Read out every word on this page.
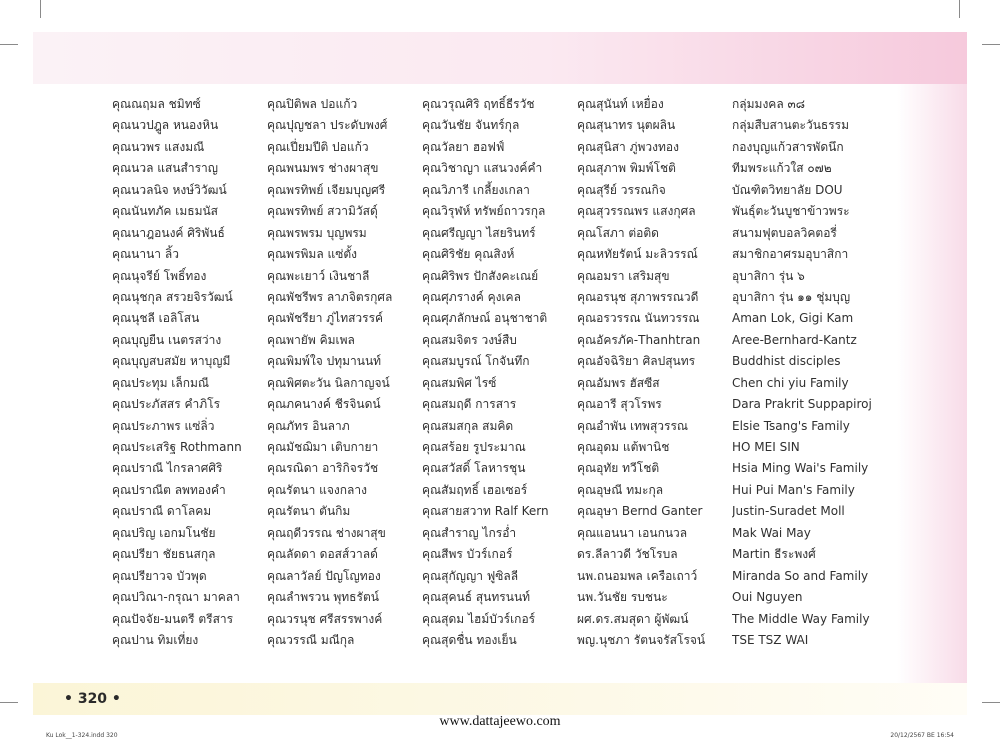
คุณณฤมล ชมิทซ์
คุณนวปฎูล หนองหิน
คุณนวพร แสงมณี
คุณนวล แสนสำราญ
คุณนวลนิจ หงษ์วิวัฒน์
คุณนันทภัค เมธมนัส
คุณนาฎอนงค์ ศิริพันธ์
คุณนานา ลิ้ว
คุณนุจรีย์ โพธิ์ทอง
คุณนุชกุล สรวยจิรวัฒน์
คุณนุชลี เอลิโสน
คุณบุญยืน เนตรสว่าง
คุณบุญสบสมัย หาบุญมี
คุณประทุม เล็กมณี
คุณประภัสสร คำภิโร
คุณประภาพร แซ่ลิ่ว
คุณประเสริฐ Rothmann
คุณปราณี ไกรลาศศิริ
คุณปราณีต ลพทองคำ
คุณปราณี ดาโลคม
คุณปริญ เอกมโนชัย
คุณปรียา ชัยธนสกุล
คุณปรียาวจ บัวพุด
คุณปวิณา-กรุณา มาคลา
คุณปัจจัย-มนตรี ตรีสาร
คุณปาน ทิมเที่ยง
คุณปิติพล ปอแก้ว
คุณปุญชลา ประดับพงศ์
คุณเปี่ยมปีติ ปอแก้ว
คุณพนมพร ช่างผาสุข
คุณพรทิพย์ เจียมบุญศรี
คุณพรทิพย์ สวามิวัสดุ์
คุณพรพรม บุญพรม
คุณพรพิมล แซ่ตั้ง
คุณพะเยาว์ เงินชาลี
คุณพัชรีพร ลาภจิตรกุศล
คุณพัชรียา ภู่ไทสวรรค์
คุณพายัพ คิมเพล
คุณพิมพ์ใจ ปทุมานนท์
คุณพิศตะวัน นิลกาญจน์
คุณภคนางค์ ชีรจินดน์
คุณภัทร อินลาภ
คุณมัชฌิมา เติบกายา
คุณรณิดา อาริกิจรวัช
คุณรัตนา แจงกลาง
คุณรัตนา ตันกิม
คุณฤดีวรรณ ช่างผาสุข
คุณลัดดา ดอสส์วาลด์
คุณลาวัลย์ ปัญโญทอง
คุณลำพรวน พุทธรัตน์
คุณวรนุช ศรีสรรพางค์
คุณวรรณี มณีกุล
คุณวรุณศิริ ฤทธิ์ธีรวัช
คุณวันชัย จันทร์กุล
คุณวัลยา ฮอฟฟ์
คุณวิชาญา แสนวงค์คำ
คุณวิภารี เกลี้ยงเกลา
คุณวิรุฬห์ ทรัพย์ถาวรกุล
คุณศรีญญา ไสยรินทร์
คุณศิริชัย คุณสิงห์
คุณศิริพร ปักสังคะเณย์
คุณศุภรางค์ คุงเคล
คุณศุภลักษณ์ อนุชาชาติ
คุณสมจิตร วงษ์สืบ
คุณสมบูรณ์ โกจันทึก
คุณสมพิศ ไรซ์
คุณสมฤดี การสาร
คุณสมสกุล สมคิด
คุณสร้อย รูประมาณ
คุณสวัสดิ์ โลหารชุน
คุณสัมฤทธิ์ เฮอเซอร์
คุณสายสวาท Ralf Kern
คุณสำราญ ไกรอ่ำ
คุณสีพร บัวร์เกอร์
คุณสุกัญญา ฟูซิลลี
คุณสุคนธ์ สุนทรนนท์
คุณสุดม ไฮม์บัวร์เกอร์
คุณสุดชื่น ทองเย็น
คุณสุนันท์ เหยื่อง
คุณสุนาทร นุตผลิน
คุณสุนิสา ภู่พวงทอง
คุณสุภาพ พิมพ์โชติ
คุณสุรีย์ วรรณกิจ
คุณสุวรรณพร แสงกุศล
คุณโสภา ต่อติด
คุณหทัยรัตน์ มะลิวรรณ์
คุณอมรา เสริมสุข
คุณอรนุช สุภาพรรณวดี
คุณอรวรรณ นันทวรรณ
คุณอัครภัค-Thanhtran
คุณอัจฉิริยา ศิลปสุนทร
คุณอัมพร ฮัสซีส
คุณอารี สุวโรพร
คุณอำพัน เทพสุวรรณ
คุณอุดม แต้พานิช
คุณอุทัย ทวีโชติ
คุณอุษณี ทมะกุล
คุณอุษา Bernd Ganter
คุณแอนนา เอนกนวล
ดร.ลีลาวดี วัชโรบล
นพ.ถนอมพล เครือเถาว์
นพ.วันชัย รบชนะ
ผศ.ดร.สมสุดา ผู้พัฒน์
พญ.นุชภา รัตนจรัสโรจน์
กลุ่มมงคล ๓๘
กลุ่มสืบสานตะวันธรรม
กองบุญแก้วสารพัดนึก
ทีมพระแก้วใส ๐๗๒
บัณฑิตวิทยาลัย DOU
พันธุ์ตะวันบูชาข้าวพระ
สนามฟุตบอลวิคตอรี่
สมาชิกอาศรมอุบาสิกา
อุบาสิกา รุ่น ๖
อุบาสิกา รุ่น ๑๑ ชุ่มบุญ
Aman Lok, Gigi Kam
Aree-Bernhard-Kantz
Buddhist disciples
Chen chi yiu Family
Dara Prakrit Suppapiroj
Elsie Tsang's Family
HO MEI SIN
Hsia Ming Wai's Family
Hui Pui Man's Family
Justin-Suradet Moll
Mak Wai May
Martin ธีระพงศ์
Miranda So and Family
Oui Nguyen
The Middle Way Family
TSE TSZ WAI
• 320 •
www.dattajeewo.com
Ku Lok__1-324.indd 320	20/12/2567 BE 16:54
